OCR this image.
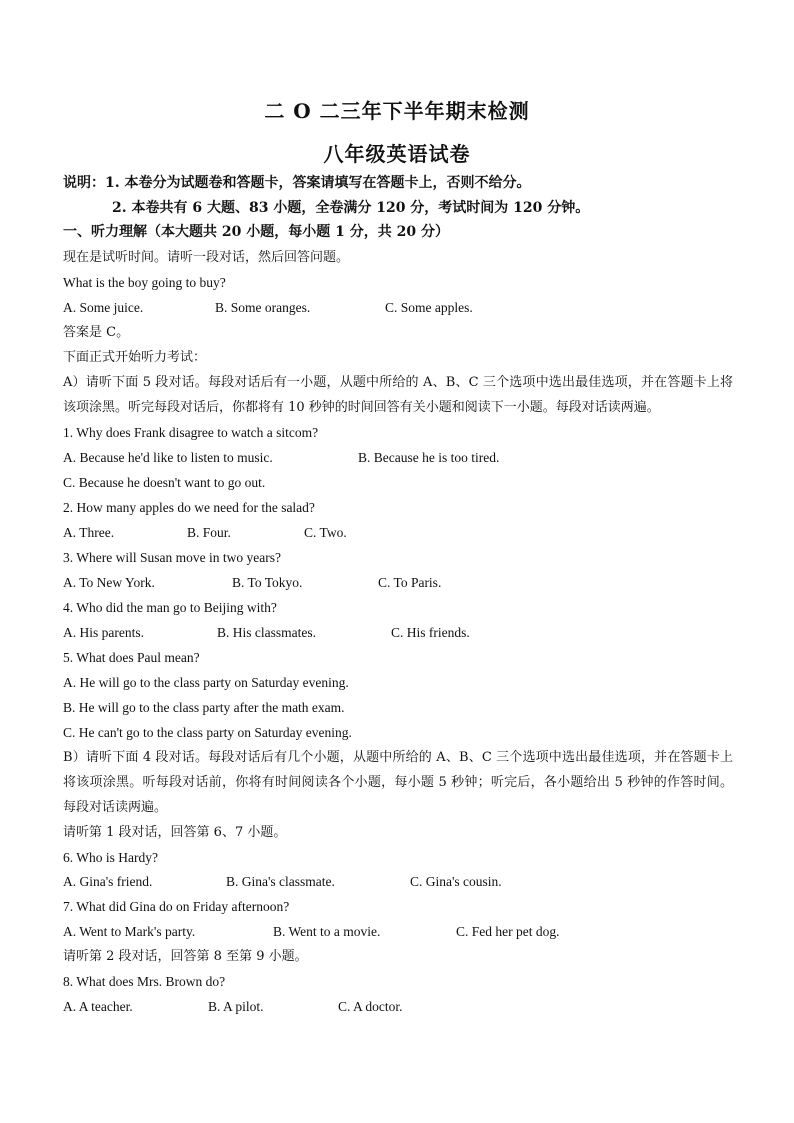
二 O 二三年下半年期末检测
八年级英语试卷
说明：1. 本卷分为试题卷和答题卡，答案请填写在答题卡上，否则不给分。
2. 本卷共有 6 大题、83 小题，全卷满分 120 分，考试时间为 120 分钟。
一、听力理解（本大题共 20 小题，每小题 1 分，共 20 分）
现在是试听时间。请听一段对话，然后回答问题。
What is the boy going to buy?
A. Some juice.	B. Some oranges.	C. Some apples.
答案是 C。
下面正式开始听力考试：
A）请听下面 5 段对话。每段对话后有一小题，从题中所给的 A、B、C 三个选项中选出最佳选项，并在答题卡上将该项涂黑。听完每段对话后，你都将有 10 秒钟的时间回答有关小题和阅读下一小题。每段对话读两遍。
1. Why does Frank disagree to watch a sitcom?
A. Because he'd like to listen to music.	B. Because he is too tired.
C. Because he doesn't want to go out.
2. How many apples do we need for the salad?
A. Three.	B. Four.	C. Two.
3. Where will Susan move in two years?
A. To New York.	B. To Tokyo.	C. To Paris.
4. Who did the man go to Beijing with?
A. His parents.	B. His classmates.	C. His friends.
5. What does Paul mean?
A. He will go to the class party on Saturday evening.
B. He will go to the class party after the math exam.
C. He can't go to the class party on Saturday evening.
B）请听下面 4 段对话。每段对话后有几个小题，从题中所给的 A、B、C 三个选项中选出最佳选项，并在答题卡上将该项涂黑。听每段对话前，你将有时间阅读各个小题，每小题 5 秒钟；听完后，各小题给出 5 秒钟的作答时间。每段对话读两遍。
请听第 1 段对话，回答第 6、7 小题。
6. Who is Hardy?
A. Gina's friend.	B. Gina's classmate.	C. Gina's cousin.
7. What did Gina do on Friday afternoon?
A. Went to Mark's party.	B. Went to a movie.	C. Fed her pet dog.
请听第 2 段对话，回答第 8 至第 9 小题。
8. What does Mrs. Brown do?
A. A teacher.	B. A pilot.	C. A doctor.
